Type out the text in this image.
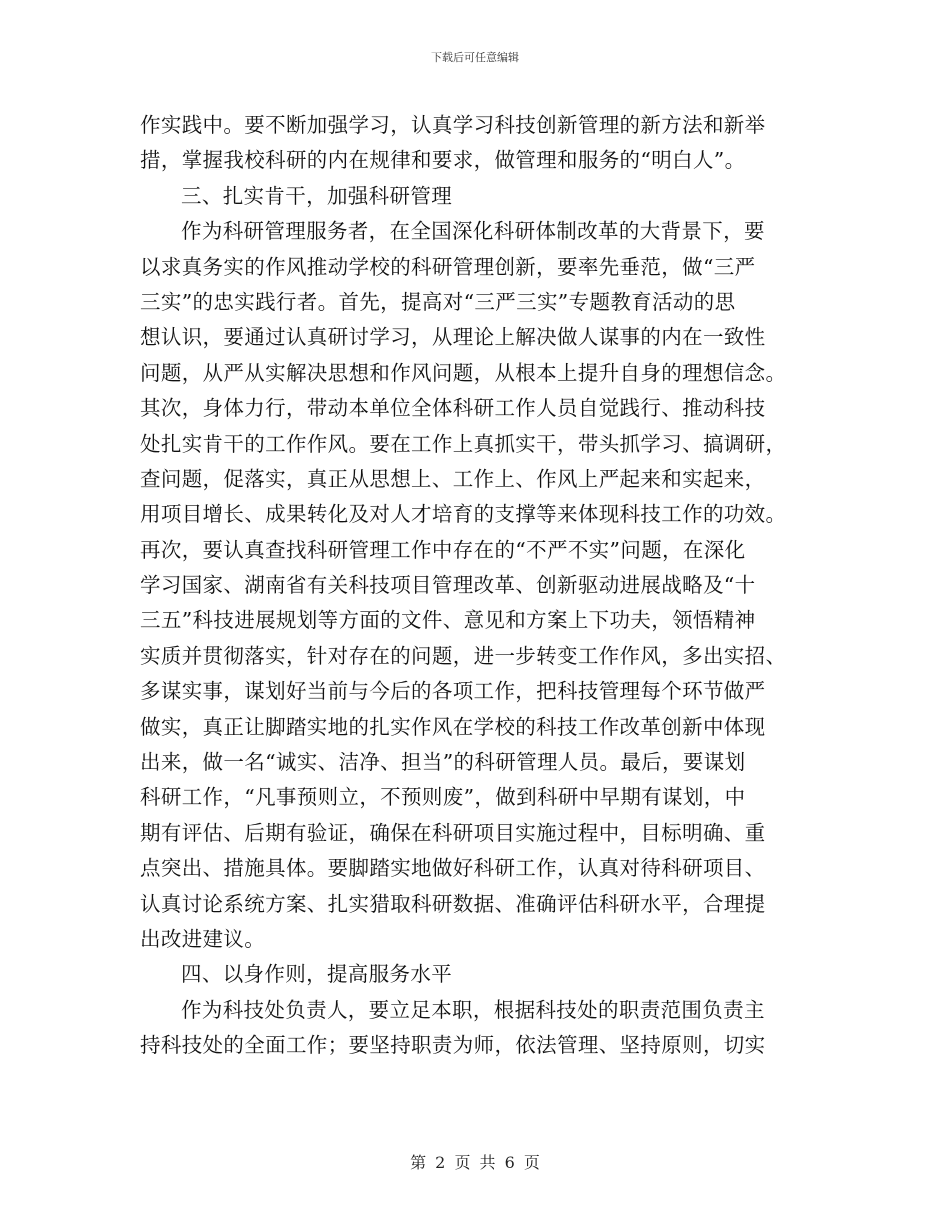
下载后可任意编辑
作实践中。要不断加强学习，认真学习科技创新管理的新方法和新举
措，掌握我校科研的内在规律和要求，做管理和服务的“明白人”。
三、扎实肯干，加强科研管理
作为科研管理服务者，在全国深化科研体制改革的大背景下，要
以求真务实的作风推动学校的科研管理创新，要率先垂范，做“三严
三实”的忠实践行者。首先，提高对“三严三实”专题教育活动的思
想认识，要通过认真研讨学习，从理论上解决做人谋事的内在一致性
问题，从严从实解决思想和作风问题，从根本上提升自身的理想信念。
其次，身体力行，带动本单位全体科研工作人员自觉践行、推动科技
处扎实肯干的工作作风。要在工作上真抓实干，带头抓学习、搞调研，
查问题，促落实，真正从思想上、工作上、作风上严起来和实起来，
用项目增长、成果转化及对人才培育的支撑等来体现科技工作的功效。
再次，要认真查找科研管理工作中存在的“不严不实”问题，在深化
学习国家、湖南省有关科技项目管理改革、创新驱动进展战略及“十
三五”科技进展规划等方面的文件、意见和方案上下功夫，领悟精神
实质并贯彻落实，针对存在的问题，进一步转变工作作风，多出实招、
多谋实事，谋划好当前与今后的各项工作，把科技管理每个环节做严
做实，真正让脚踏实地的扎实作风在学校的科技工作改革创新中体现
出来，做一名“诚实、洁净、担当”的科研管理人员。最后，要谋划
科研工作，“凡事预则立，不预则废”，做到科研中早期有谋划，中
期有评估、后期有验证，确保在科研项目实施过程中，目标明确、重
点突出、措施具体。要脚踏实地做好科研工作，认真对待科研项目、
认真讨论系统方案、扎实猎取科研数据、准确评估科研水平，合理提
出改进建议。
四、以身作则，提高服务水平
作为科技处负责人，要立足本职，根据科技处的职责范围负责主
持科技处的全面工作；要坚持职责为师，依法管理、坚持原则，切实
第 2 页 共 6 页
